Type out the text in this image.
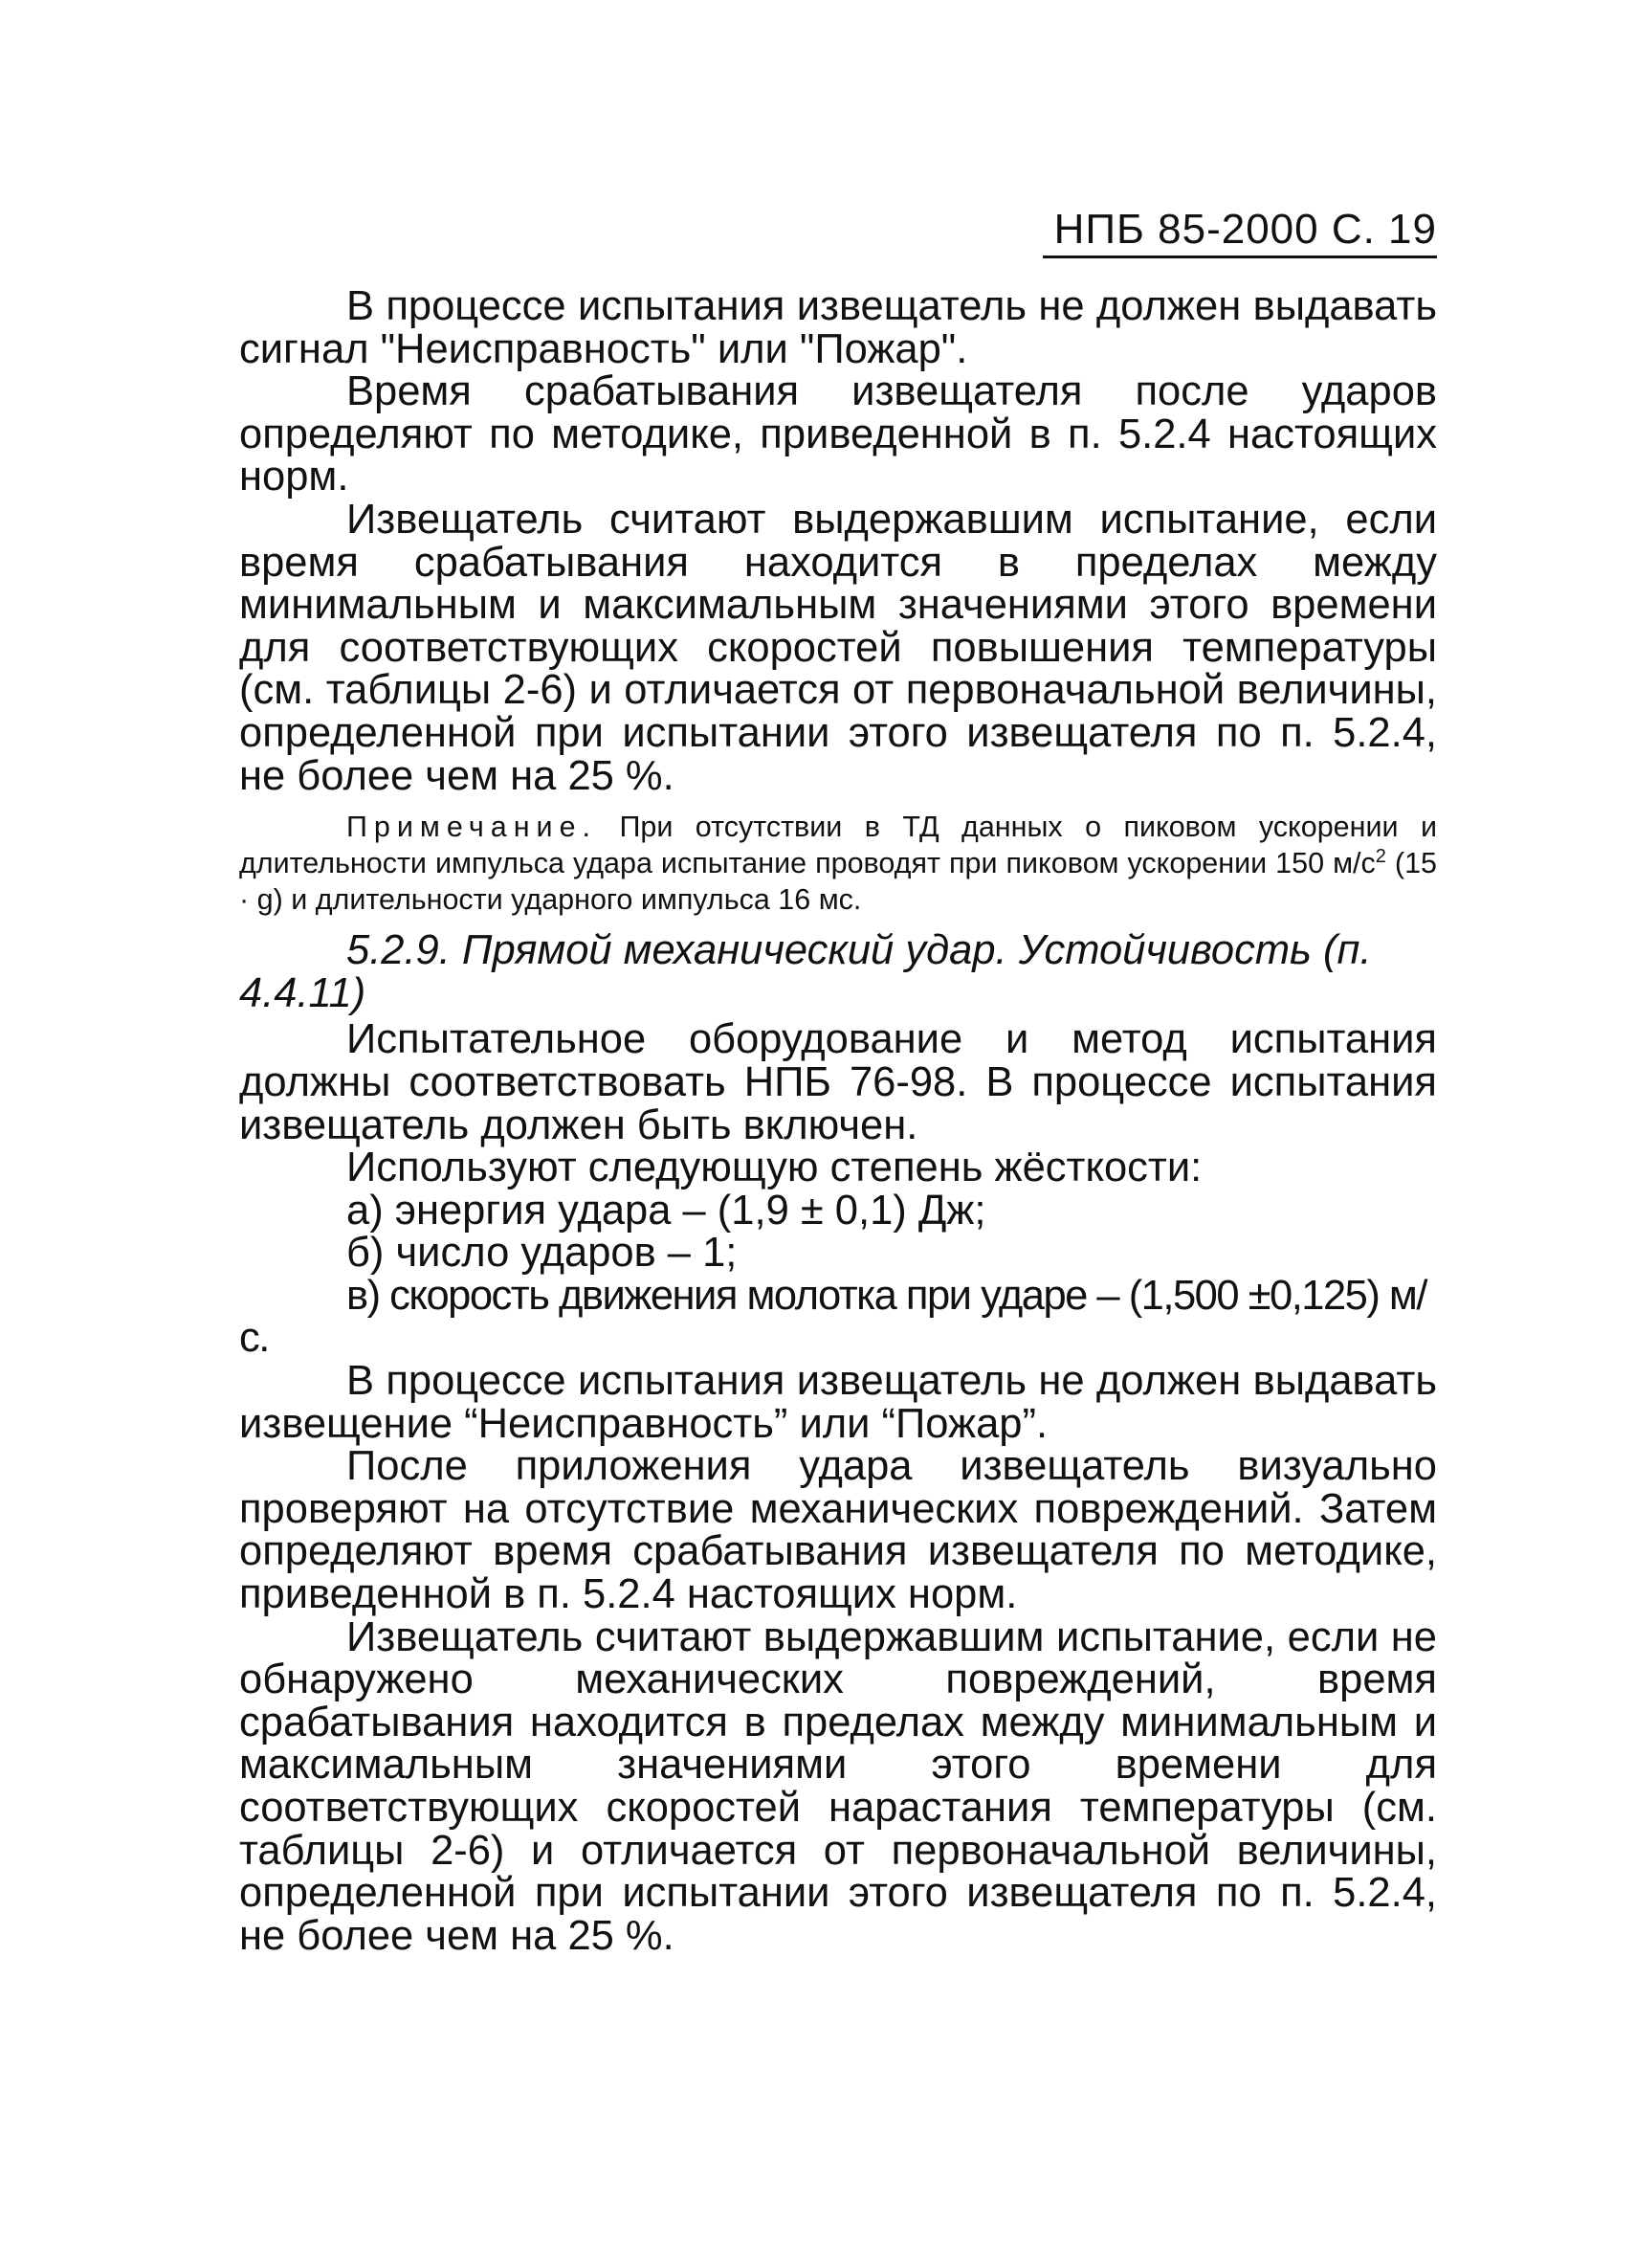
НПБ 85-2000 С. 19

В процессе испытания извещатель не должен выдавать сигнал "Неисправность" или "Пожар".

Время срабатывания извещателя после ударов определяют по методике, приведенной в п. 5.2.4 настоящих норм.

Извещатель считают выдержавшим испытание, если время срабатывания находится в пределах между минимальным и максимальным значениями этого времени для соответствующих скоростей повышения температуры (см. таблицы 2-6) и отличается от первоначальной величины, определенной при испытании этого извещателя по п. 5.2.4, не более чем на 25 %.

Примечание. При отсутствии в ТД данных о пиковом ускорении и длительности импульса удара испытание проводят при пиковом ускорении 150 $м/с^2$ (15 · g) и длительности ударного импульса 16 мс.

5.2.9. Прямой механический удар. Устойчивость (п. 4.4.11)

Испытательное оборудование и метод испытания должны соответствовать НПБ 76-98. В процессе испытания извещатель должен быть включен.

Используют следующую степень жёсткости:

а) энергия удара – (1,9 ± 0,1) Дж;

б) число ударов – 1;

в) скорость движения молотка при ударе – (1,500 ±0,125) м/с.

В процессе испытания извещатель не должен выдавать извещение “Неисправность” или “Пожар”.

После приложения удара извещатель визуально проверяют на отсутствие механических повреждений. Затем определяют время срабатывания извещателя по методике, приведенной в п. 5.2.4 настоящих норм.

Извещатель считают выдержавшим испытание, если не обнаружено механических повреждений, время срабатывания находится в пределах между минимальным и максимальным значениями этого времени для соответствующих скоростей нарастания температуры (см. таблицы 2-6) и отличается от первоначальной величины, определенной при испытании этого извещателя по п. 5.2.4, не более чем на 25 %.
